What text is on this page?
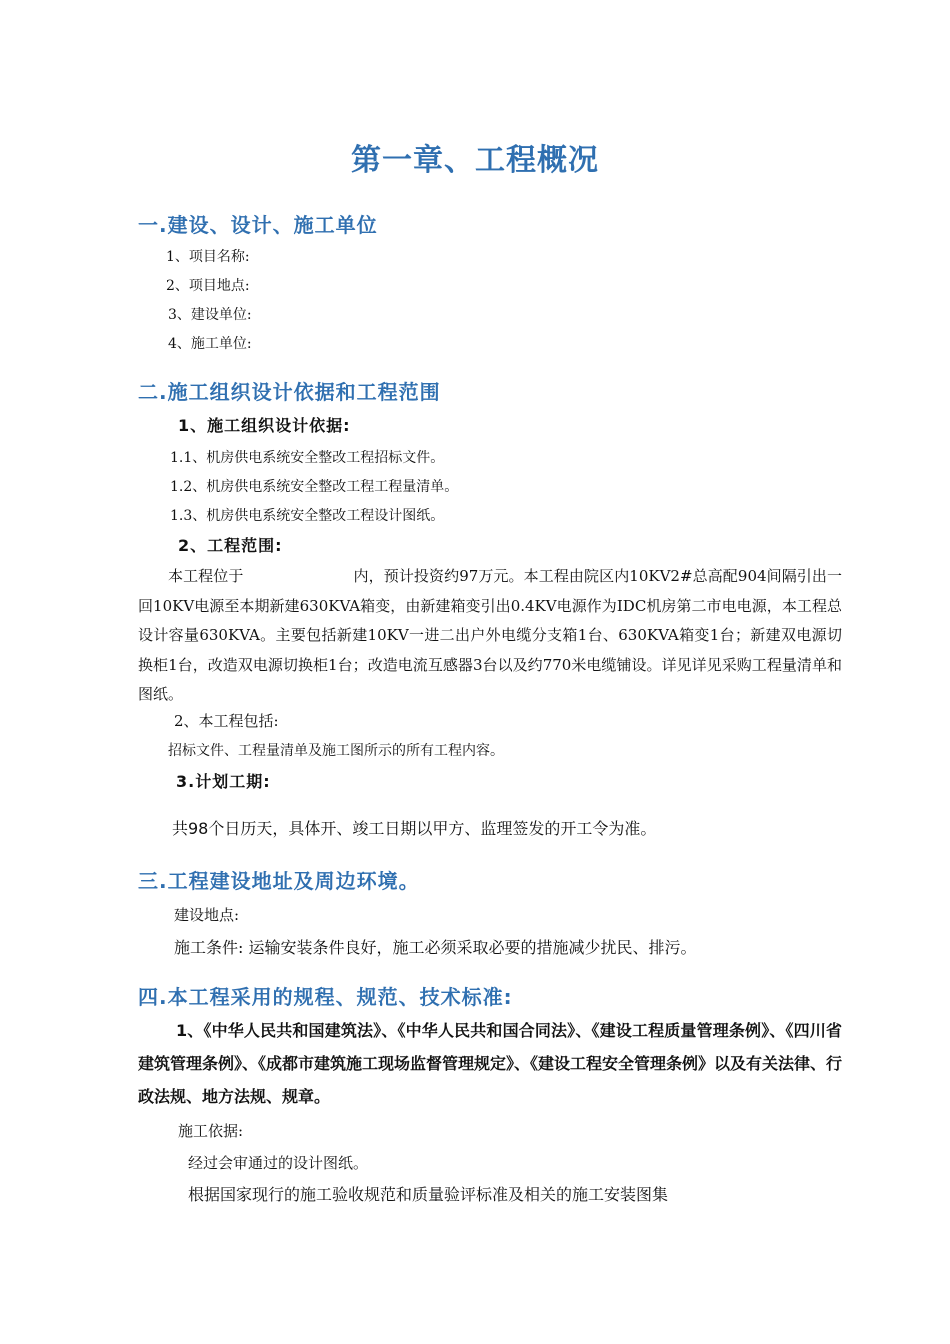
第一章、工程概况
一.建设、设计、施工单位
1、项目名称:
2、项目地点:
3、建设单位:
4、施工单位:
二.施工组织设计依据和工程范围
1、施工组织设计依据:
1.1、机房供电系统安全整改工程招标文件。
1.2、机房供电系统安全整改工程工程量清单。
1.3、机房供电系统安全整改工程设计图纸。
2、工程范围:

本工程位于	内，预计投资约97万元。本工程由院区内10KV2#总高配904间隔引出一回10KV电源至本期新建630KVA箱变，由新建箱变引出0.4KV电源作为IDC机房第二市电电源，本工程总设计容量630KVA。主要包括新建10KV一进二出户外电缆分支箱1台、630KVA箱变1台；新建双电源切换柜1台，改造双电源切换柜1台；改造电流互感器3台以及约770米电缆铺设。详见详见采购工程量清单和图纸。

2、本工程包括:
招标文件、工程量清单及施工图所示的所有工程内容。
3.计划工期:
共98个日历天，具体开、竣工日期以甲方、监理签发的开工令为准。
三.工程建设地址及周边环境。
建设地点:
施工条件: 运输安装条件良好，施工必须采取必要的措施减少扰民、排污。
四.本工程采用的规程、规范、技术标准:

1、《中华人民共和国建筑法》、《中华人民共和国合同法》、《建设工程质量管理条例》、《四川省建筑管理条例》、《成都市建筑施工现场监督管理规定》、《建设工程安全管理条例》以及有关法律、行政法规、地方法规、规章。

施工依据:
经过会审通过的设计图纸。
根据国家现行的施工验收规范和质量验评标准及相关的施工安装图集
